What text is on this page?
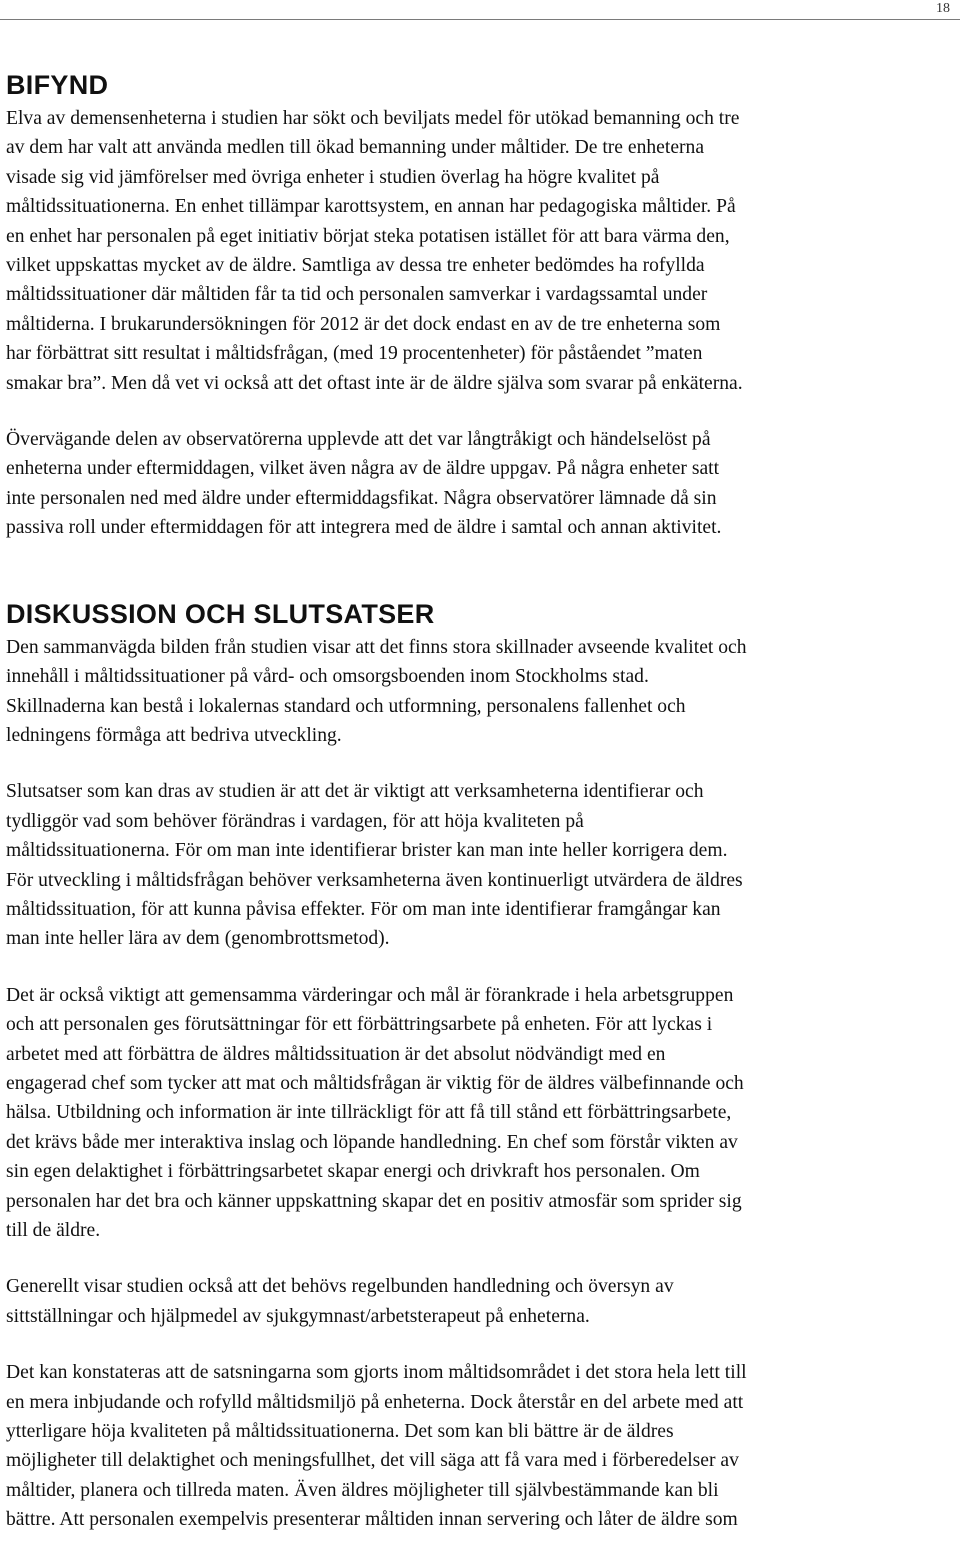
18
BIFYND

Elva av demensenheterna i studien har sökt och beviljats medel för utökad bemanning och tre
av dem har valt att använda medlen till ökad bemanning under måltider. De tre enheterna
visade sig vid jämförelser med övriga enheter i studien överlag ha högre kvalitet på
måltidssituationerna. En enhet tillämpar karottsystem, en annan har pedagogiska måltider. På
en enhet har personalen på eget initiativ börjat steka potatisen istället för att bara värma den,
vilket uppskattas mycket av de äldre. Samtliga av dessa tre enheter bedömdes ha rofyllda
måltidssituationer där måltiden får ta tid och personalen samverkar i vardagssamtal under
måltiderna. I brukarundersökningen för 2012 är det dock endast en av de tre enheterna som
har förbättrat sitt resultat i måltidsfrågan, (med 19 procentenheter) för påståendet ”maten
smakar bra”. Men då vet vi också att det oftast inte är de äldre själva som svarar på enkäterna.

Övervägande delen av observatörerna upplevde att det var långtråkigt och händelselöst på
enheterna under eftermiddagen, vilket även några av de äldre uppgav. På några enheter satt
inte personalen ned med äldre under eftermiddagsfikat. Några observatörer lämnade då sin
passiva roll under eftermiddagen för att integrera med de äldre i samtal och annan aktivitet.

DISKUSSION OCH SLUTSATSER

Den sammanvägda bilden från studien visar att det finns stora skillnader avseende kvalitet och
innehåll i måltidssituationer på vård- och omsorgsboenden inom Stockholms stad.
Skillnaderna kan bestå i lokalernas standard och utformning, personalens fallenhet och
ledningens förmåga att bedriva utveckling.

Slutsatser som kan dras av studien är att det är viktigt att verksamheterna identifierar och
tydliggör vad som behöver förändras i vardagen, för att höja kvaliteten på
måltidssituationerna. För om man inte identifierar brister kan man inte heller korrigera dem.
För utveckling i måltidsfrågan behöver verksamheterna även kontinuerligt utvärdera de äldres
måltidssituation, för att kunna påvisa effekter. För om man inte identifierar framgångar kan
man inte heller lära av dem (genombrottsmetod).

Det är också viktigt att gemensamma värderingar och mål är förankrade i hela arbetsgruppen
och att personalen ges förutsättningar för ett förbättringsarbete på enheten. För att lyckas i
arbetet med att förbättra de äldres måltidssituation är det absolut nödvändigt med en
engagerad chef som tycker att mat och måltidsfrågan är viktig för de äldres välbefinnande och
hälsa. Utbildning och information är inte tillräckligt för att få till stånd ett förbättringsarbete,
det krävs både mer interaktiva inslag och löpande handledning. En chef som förstår vikten av
sin egen delaktighet i förbättringsarbetet skapar energi och drivkraft hos personalen. Om
personalen har det bra och känner uppskattning skapar det en positiv atmosfär som sprider sig
till de äldre.

Generellt visar studien också att det behövs regelbunden handledning och översyn av
sittställningar och hjälpmedel av sjukgymnast/arbetsterapeut på enheterna.

Det kan konstateras att de satsningarna som gjorts inom måltidsområdet i det stora hela lett till
en mera inbjudande och rofylld måltidsmiljö på enheterna. Dock återstår en del arbete med att
ytterligare höja kvaliteten på måltidssituationerna. Det som kan bli bättre är de äldres
möjligheter till delaktighet och meningsfullhet, det vill säga att få vara med i förberedelser av
måltider, planera och tillreda maten. Även äldres möjligheter till självbestämmande kan bli
bättre. Att personalen exempelvis presenterar måltiden innan servering och låter de äldre som
